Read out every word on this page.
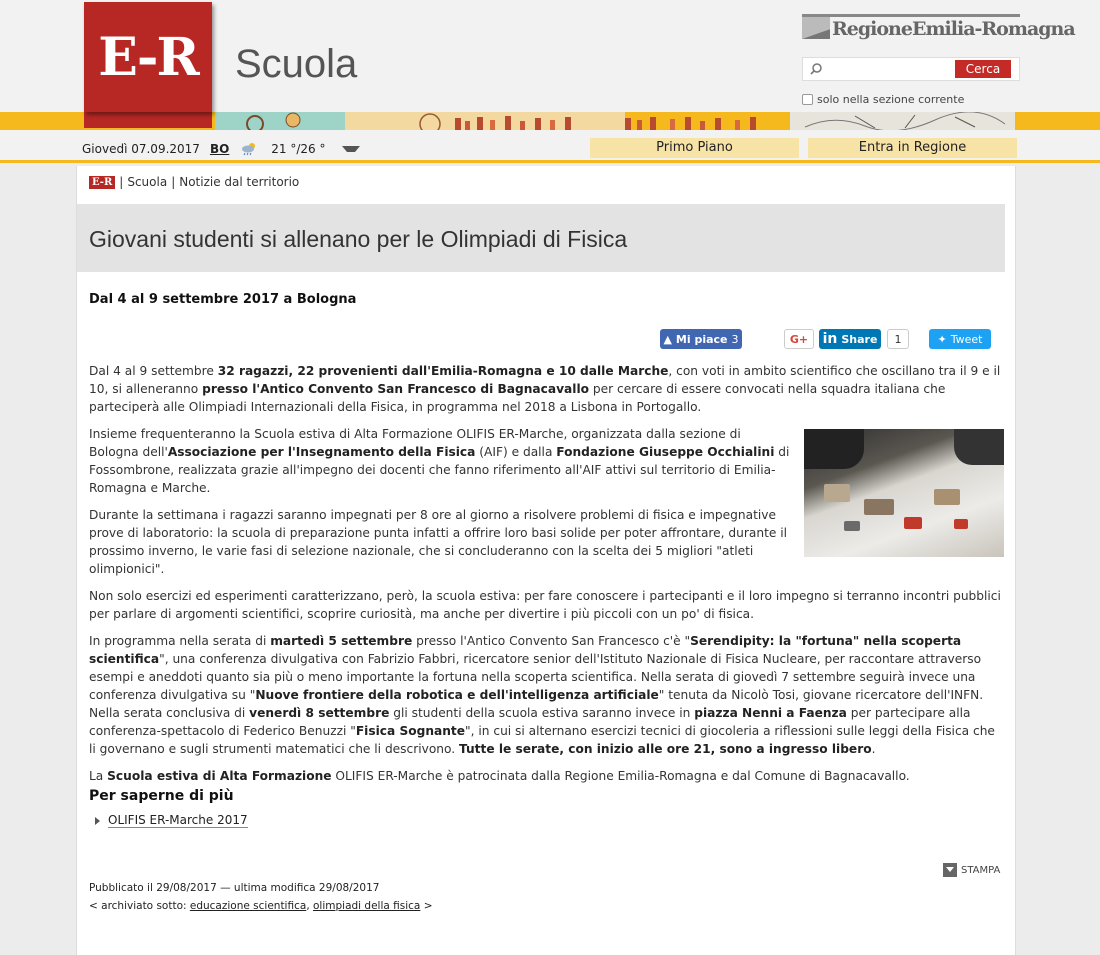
E-R Scuola
RegioneEmilia-Romagna
Cerca
solo nella sezione corrente
Giovedì 07.09.2017 BO	21 °/26 °	Primo Piano	Entra in Regione
E-R | Scuola | Notizie dal territorio
Giovani studenti si allenano per le Olimpiadi di Fisica
Dal 4 al 9 settembre 2017 a Bologna
▲ Mi piace 3	G+	in Share	1	✦ Tweet

Dal 4 al 9 settembre 32 ragazzi, 22 provenienti dall'Emilia-Romagna e 10 dalle Marche, con voti in ambito scientifico che oscillano tra il 9 e il 10, si alleneranno presso l'Antico Convento San Francesco di Bagnacavallo per cercare di essere convocati nella squadra italiana che parteciperà alle Olimpiadi Internazionali della Fisica, in programma nel 2018 a Lisbona in Portogallo.

Insieme frequenteranno la Scuola estiva di Alta Formazione OLIFIS ER-Marche, organizzata dalla sezione di Bologna dell'Associazione per l'Insegnamento della Fisica (AIF) e dalla Fondazione Giuseppe Occhialini di Fossombrone, realizzata grazie all'impegno dei docenti che fanno riferimento all'AIF attivi sul territorio di Emilia-Romagna e Marche.

Durante la settimana i ragazzi saranno impegnati per 8 ore al giorno a risolvere problemi di fisica e impegnative prove di laboratorio: la scuola di preparazione punta infatti a offrire loro basi solide per poter affrontare, durante il prossimo inverno, le varie fasi di selezione nazionale, che si concluderanno con la scelta dei 5 migliori "atleti olimpionici".

Non solo esercizi ed esperimenti caratterizzano, però, la scuola estiva: per fare conoscere i partecipanti e il loro impegno si terranno incontri pubblici per parlare di argomenti scientifici, scoprire curiosità, ma anche per divertire i più piccoli con un po' di fisica.

In programma nella serata di martedì 5 settembre presso l'Antico Convento San Francesco c'è "Serendipity: la "fortuna" nella scoperta scientifica", una conferenza divulgativa con Fabrizio Fabbri, ricercatore senior dell'Istituto Nazionale di Fisica Nucleare, per raccontare attraverso esempi e aneddoti quanto sia più o meno importante la fortuna nella scoperta scientifica. Nella serata di giovedì 7 settembre seguirà invece una conferenza divulgativa su "Nuove frontiere della robotica e dell'intelligenza artificiale" tenuta da Nicolò Tosi, giovane ricercatore dell'INFN. Nella serata conclusiva di venerdì 8 settembre gli studenti della scuola estiva saranno invece in piazza Nenni a Faenza per partecipare alla conferenza-spettacolo di Federico Benuzzi "Fisica Sognante", in cui si alternano esercizi tecnici di giocoleria a riflessioni sulle leggi della Fisica che li governano e sugli strumenti matematici che li descrivono. Tutte le serate, con inizio alle ore 21, sono a ingresso libero.

La Scuola estiva di Alta Formazione OLIFIS ER-Marche è patrocinata dalla Regione Emilia-Romagna e dal Comune di Bagnacavallo.

Per saperne di più
OLIFIS ER-Marche 2017
STAMPA
Pubblicato il 29/08/2017 — ultima modifica 29/08/2017
< archiviato sotto: educazione scientifica, olimpiadi della fisica >
